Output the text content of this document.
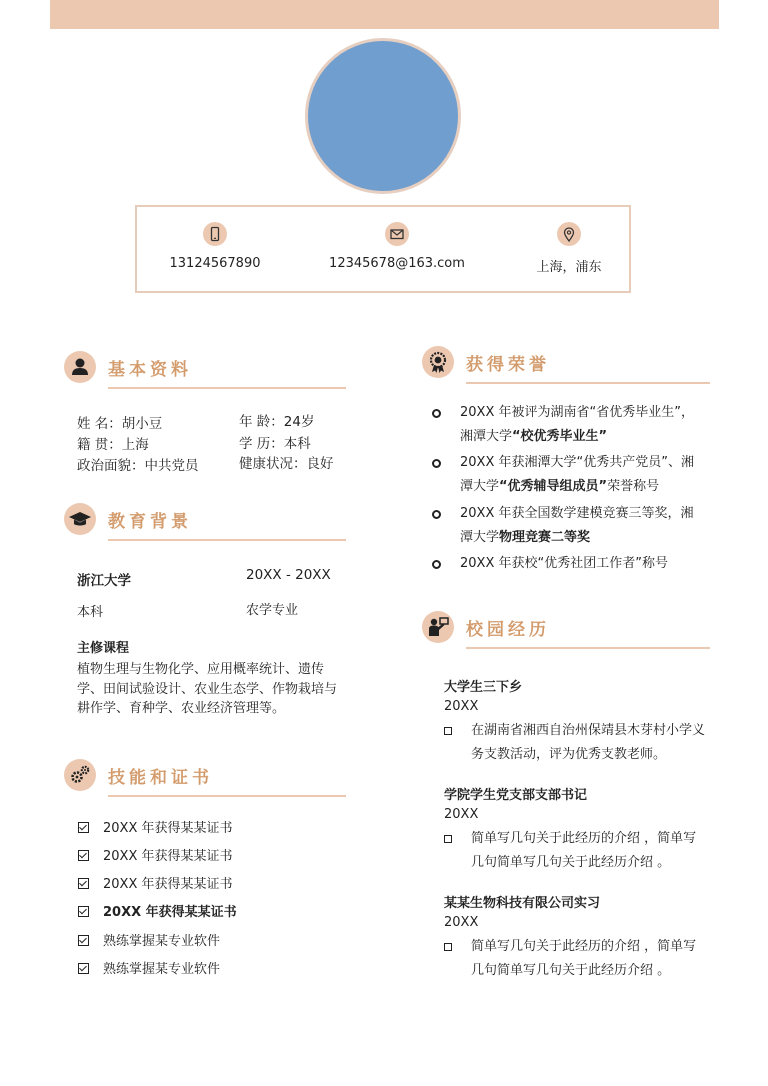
13124567890	12345678@163.com	上海，浦东
基本资料
姓 名：胡小豆	年 龄：24岁
籍 贯：上海	学 历：本科
政治面貌：中共党员	健康状况：良好
教育背景
浙江大学	20XX - 20XX
本科	农学专业
主修课程
植物生理与生物化学、应用概率统计、遗传学、田间试验设计、农业生态学、作物栽培与耕作学、育种学、农业经济管理等。
技能和证书
20XX 年获得某某证书
20XX 年获得某某证书
20XX 年获得某某证书
20XX 年获得某某证书
熟练掌握某专业软件
熟练掌握某专业软件
获得荣誉
20XX 年被评为湖南省“省优秀毕业生”，湘潭大学“校优秀毕业生”
20XX 年获湘潭大学“优秀共产党员”、湘潭大学“优秀辅导组成员”荣誉称号
20XX 年获全国数学建模竞赛三等奖，湘潭大学物理竞赛二等奖
20XX 年获校“优秀社团工作者”称号
校园经历
大学生三下乡
20XX
在湖南省湘西自治州保靖县木芽村小学义 务支教活动，评为优秀支教老师。
学院学生党支部支部书记
20XX
简单写几句关于此经历的介绍 ，简单写几句简单写几句关于此经历介绍 。
某某生物科技有限公司实习
20XX
简单写几句关于此经历的介绍 ，简单写几句简单写几句关于此经历介绍 。
